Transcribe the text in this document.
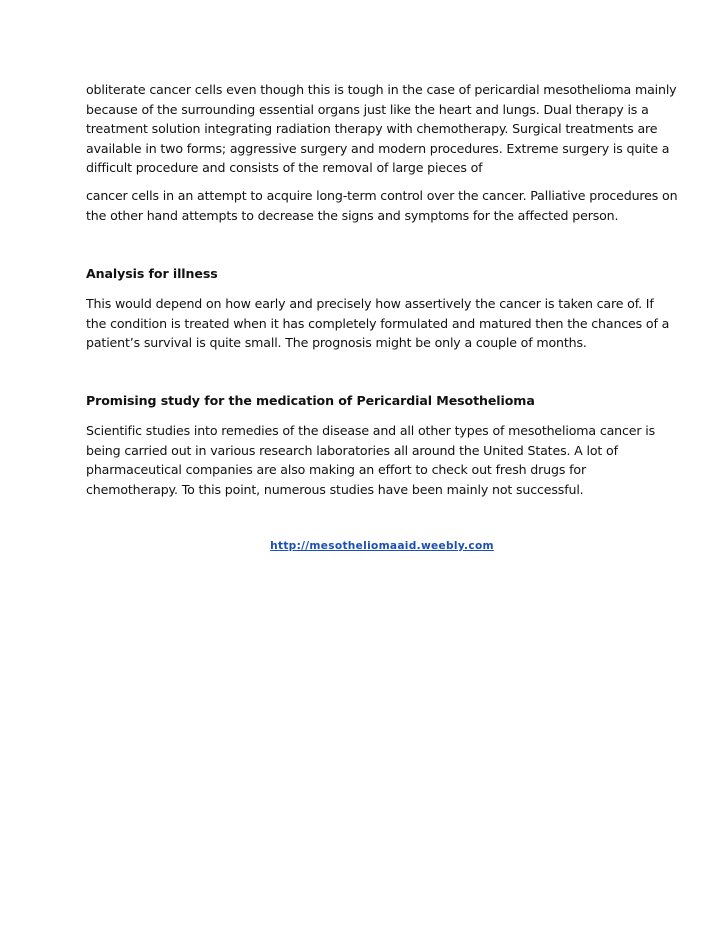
obliterate cancer cells even though this is tough in the case of pericardial mesothelioma mainly
because of the surrounding essential organs just like the heart and lungs. Dual therapy is a
treatment solution integrating radiation therapy with chemotherapy. Surgical treatments are
available in two forms; aggressive surgery and modern procedures. Extreme surgery is quite a
difficult procedure and consists of the removal of large pieces of

cancer cells in an attempt to acquire long-term control over the cancer. Palliative procedures on
the other hand attempts to decrease the signs and symptoms for the affected person.

Analysis for illness

This would depend on how early and precisely how assertively the cancer is taken care of. If
the condition is treated when it has completely formulated and matured then the chances of a
patient’s survival is quite small. The prognosis might be only a couple of months.

Promising study for the medication of Pericardial Mesothelioma

Scientific studies into remedies of the disease and all other types of mesothelioma cancer is
being carried out in various research laboratories all around the United States. A lot of
pharmaceutical companies are also making an effort to check out fresh drugs for
chemotherapy. To this point, numerous studies have been mainly not successful.

http://mesotheliomaaid.weebly.com
